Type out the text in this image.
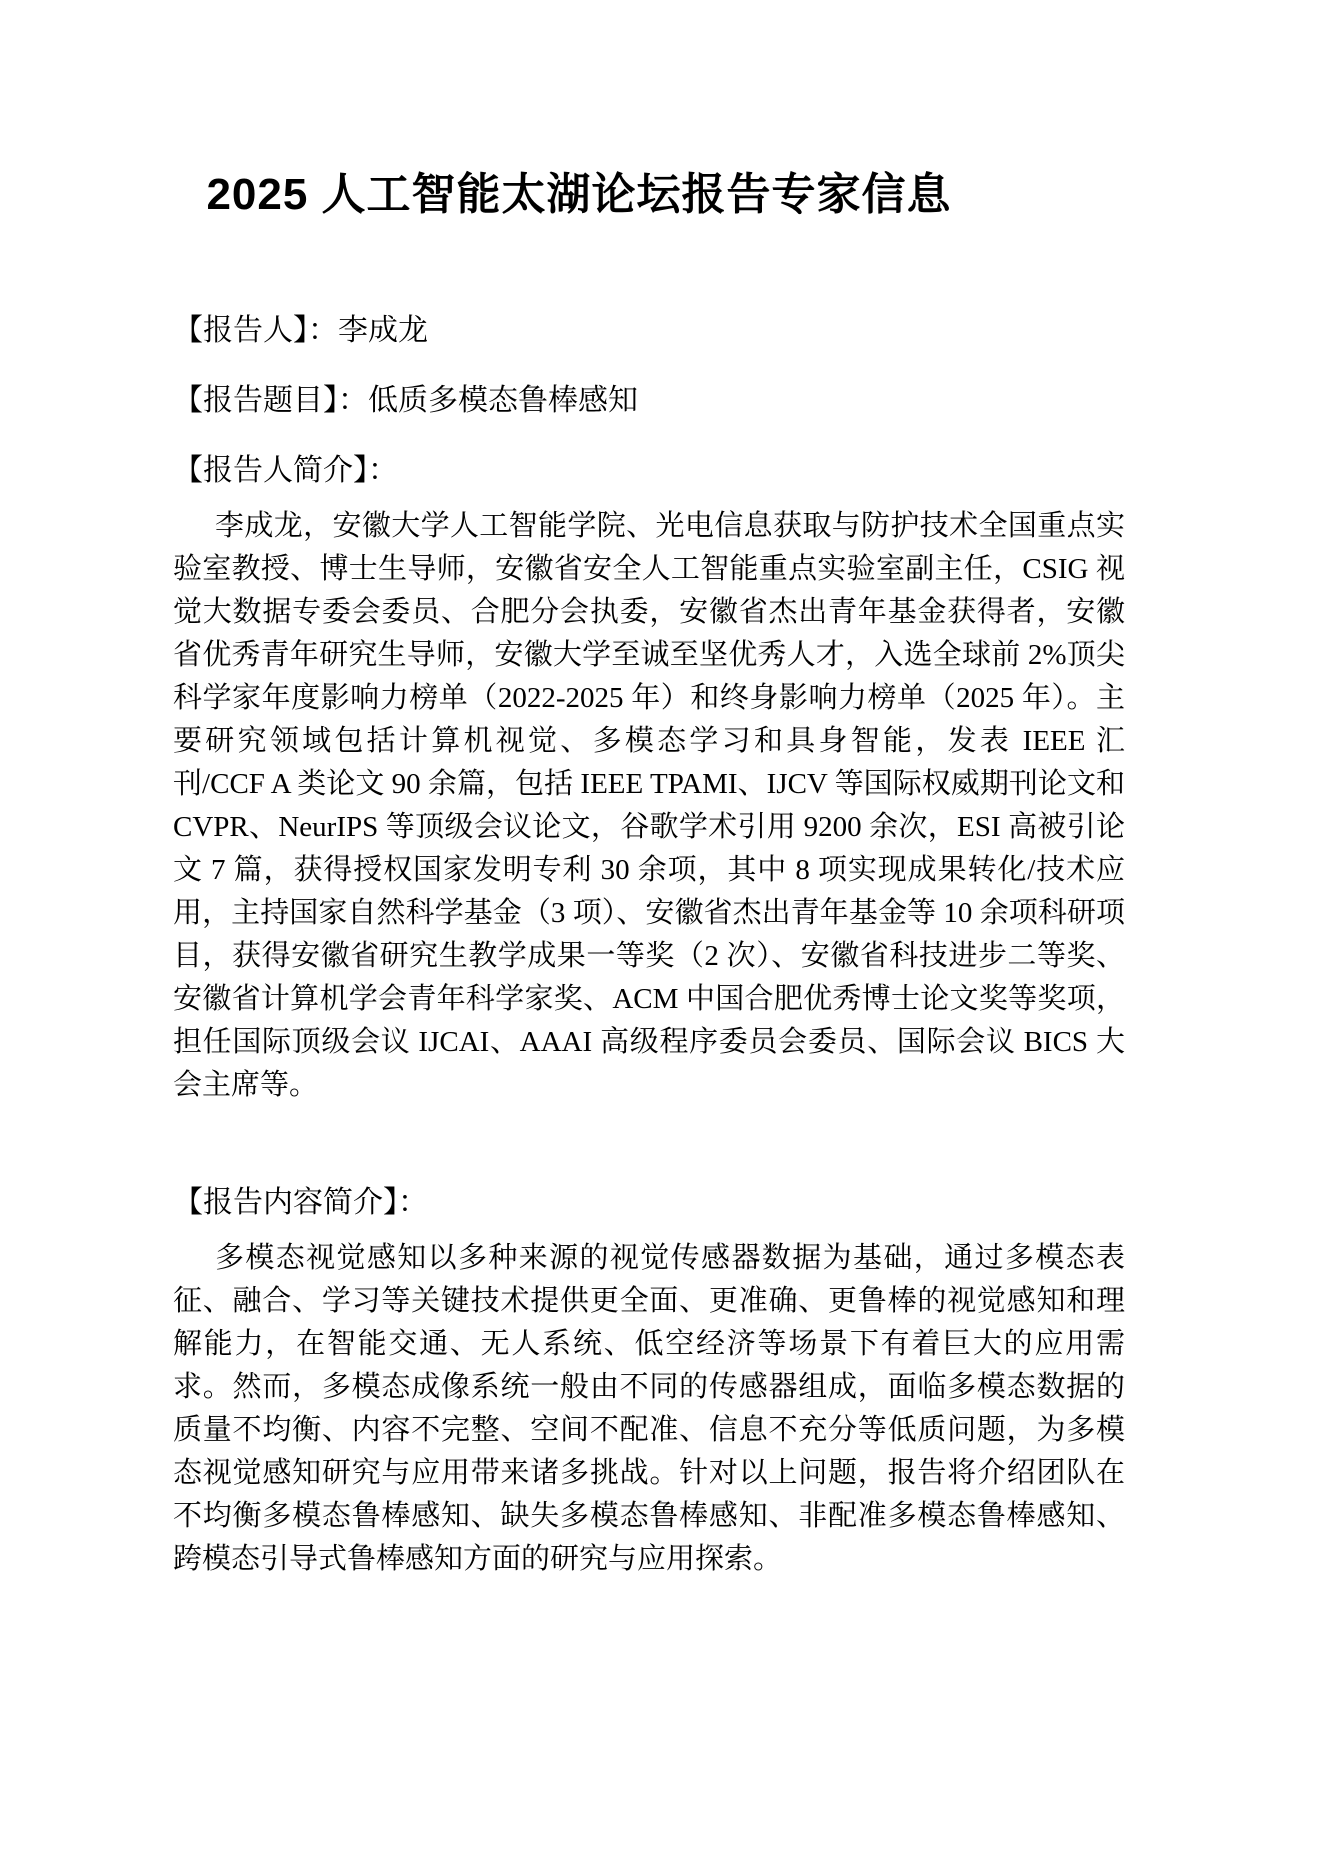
2025 人工智能太湖论坛报告专家信息
【报告人】：李成龙
【报告题目】：低质多模态鲁棒感知
【报告人简介】：

李成龙，安徽大学人工智能学院、光电信息获取与防护技术全国重点实验室教授、博士生导师，安徽省安全人工智能重点实验室副主任，CSIG 视觉大数据专委会委员、合肥分会执委，安徽省杰出青年基金获得者，安徽省优秀青年研究生导师，安徽大学至诚至坚优秀人才，入选全球前 2%顶尖科学家年度影响力榜单（2022-2025 年）和终身影响力榜单（2025 年）。主要研究领域包括计算机视觉、多模态学习和具身智能，发表 IEEE 汇刊/CCF A 类论文 90 余篇，包括 IEEE TPAMI、IJCV 等国际权威期刊论文和 CVPR、NeurIPS 等顶级会议论文，谷歌学术引用 9200 余次，ESI 高被引论文 7 篇，获得授权国家发明专利 30 余项，其中 8 项实现成果转化/技术应用，主持国家自然科学基金（3 项）、安徽省杰出青年基金等 10 余项科研项目，获得安徽省研究生教学成果一等奖（2 次）、安徽省科技进步二等奖、安徽省计算机学会青年科学家奖、ACM 中国合肥优秀博士论文奖等奖项，担任国际顶级会议 IJCAI、AAAI 高级程序委员会委员、国际会议 BICS 大会主席等。

【报告内容简介】：

多模态视觉感知以多种来源的视觉传感器数据为基础，通过多模态表征、融合、学习等关键技术提供更全面、更准确、更鲁棒的视觉感知和理解能力，在智能交通、无人系统、低空经济等场景下有着巨大的应用需求。然而，多模态成像系统一般由不同的传感器组成，面临多模态数据的质量不均衡、内容不完整、空间不配准、信息不充分等低质问题，为多模态视觉感知研究与应用带来诸多挑战。针对以上问题，报告将介绍团队在不均衡多模态鲁棒感知、缺失多模态鲁棒感知、非配准多模态鲁棒感知、跨模态引导式鲁棒感知方面的研究与应用探索。
